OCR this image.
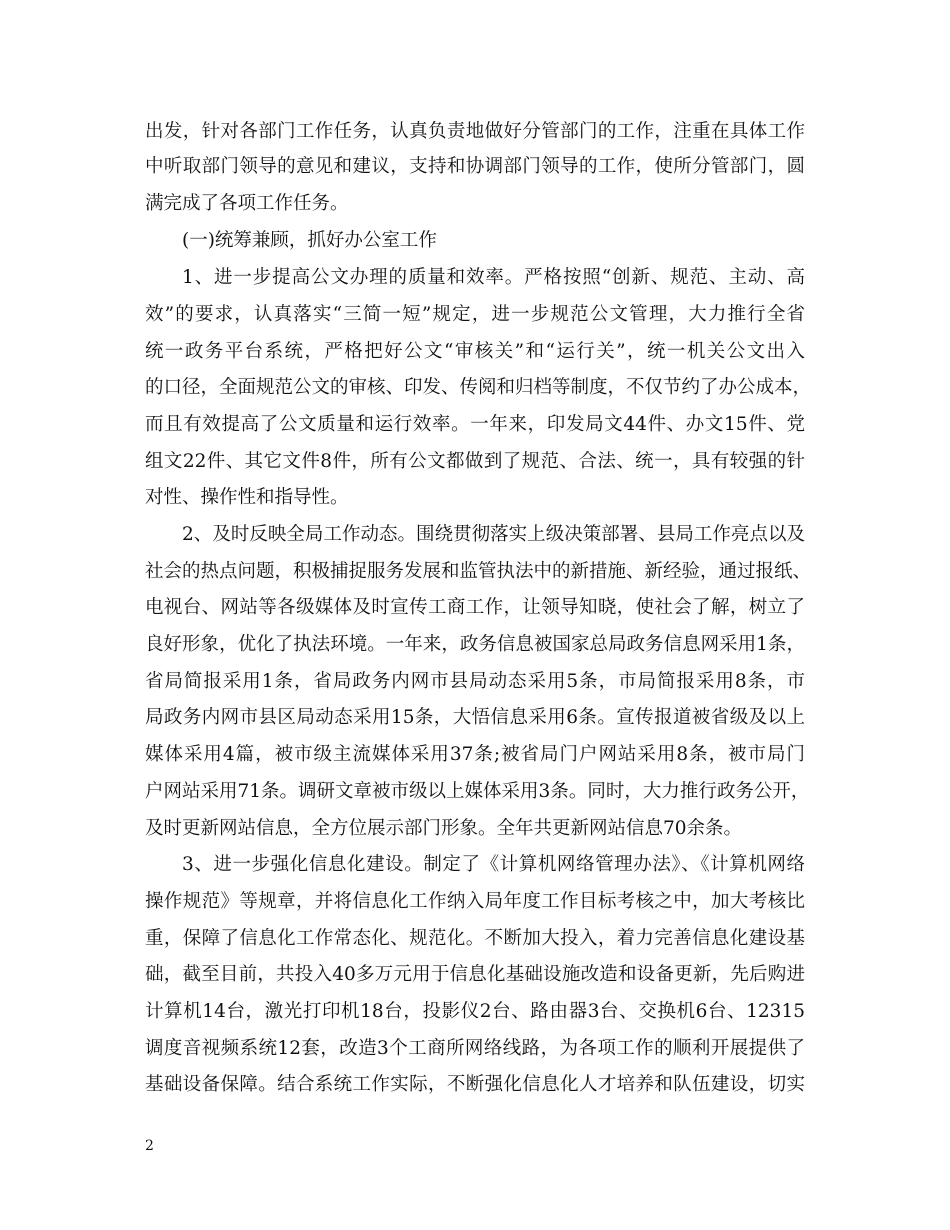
出发，针对各部门工作任务，认真负责地做好分管部门的工作，注重在具体工作
中听取部门领导的意见和建议，支持和协调部门领导的工作，使所分管部门，圆
满完成了各项工作任务。
(一)统筹兼顾，抓好办公室工作
1、进一步提高公文办理的质量和效率。严格按照“创新、规范、主动、高
效”的要求，认真落实“三简一短”规定，进一步规范公文管理，大力推行全省
统一政务平台系统，严格把好公文“审核关”和“运行关”，统一机关公文出入
的口径，全面规范公文的审核、印发、传阅和归档等制度，不仅节约了办公成本，
而且有效提高了公文质量和运行效率。一年来，印发局文44件、办文15件、党
组文22件、其它文件8件，所有公文都做到了规范、合法、统一，具有较强的针
对性、操作性和指导性。
2、及时反映全局工作动态。围绕贯彻落实上级决策部署、县局工作亮点以及
社会的热点问题，积极捕捉服务发展和监管执法中的新措施、新经验，通过报纸、
电视台、网站等各级媒体及时宣传工商工作，让领导知晓，使社会了解，树立了
良好形象，优化了执法环境。一年来，政务信息被国家总局政务信息网采用1条，
省局简报采用1条，省局政务内网市县局动态采用5条，市局简报采用8条，市
局政务内网市县区局动态采用15条，大悟信息采用6条。宣传报道被省级及以上
媒体采用4篇，被市级主流媒体采用37条;被省局门户网站采用8条，被市局门
户网站采用71条。调研文章被市级以上媒体采用3条。同时，大力推行政务公开，
及时更新网站信息，全方位展示部门形象。全年共更新网站信息70余条。
3、进一步强化信息化建设。制定了《计算机网络管理办法》、《计算机网络
操作规范》等规章，并将信息化工作纳入局年度工作目标考核之中，加大考核比
重，保障了信息化工作常态化、规范化。不断加大投入，着力完善信息化建设基
础，截至目前，共投入40多万元用于信息化基础设施改造和设备更新，先后购进
计算机14台，激光打印机18台，投影仪2台、路由器3台、交换机6台、12315
调度音视频系统12套，改造3个工商所网络线路，为各项工作的顺利开展提供了
基础设备保障。结合系统工作实际，不断强化信息化人才培养和队伍建设，切实
2
